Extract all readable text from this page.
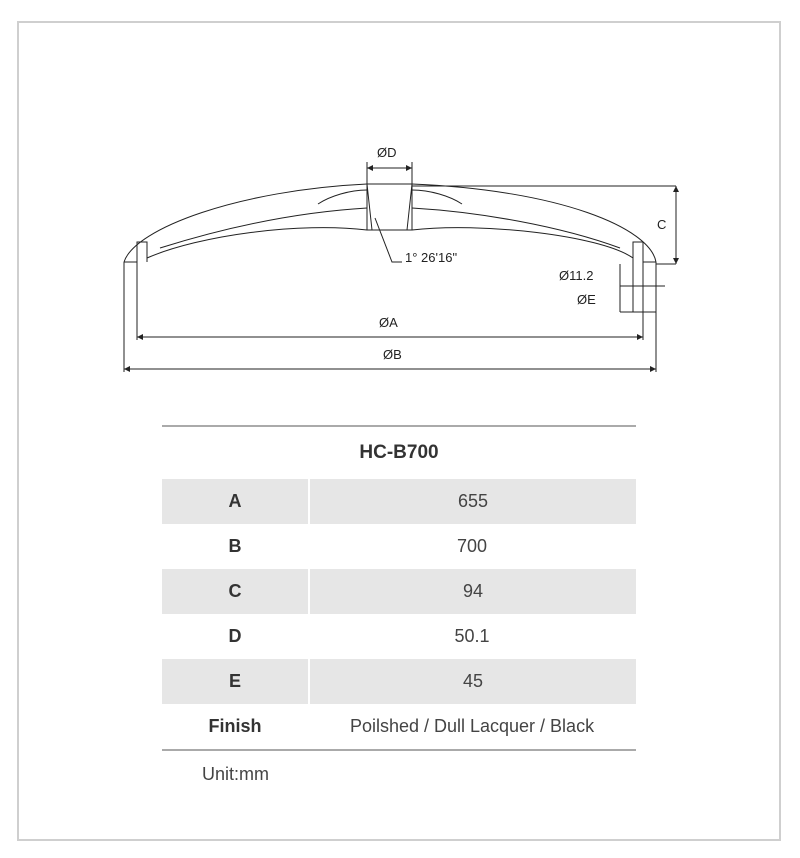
ØD
C
1° 26'16"
Ø11.2
ØE
ØA
ØB
HC-B700
A	655
B	700
C	94
D	50.1
E	45
Finish	Poilshed / Dull Lacquer / Black
Unit:mm
